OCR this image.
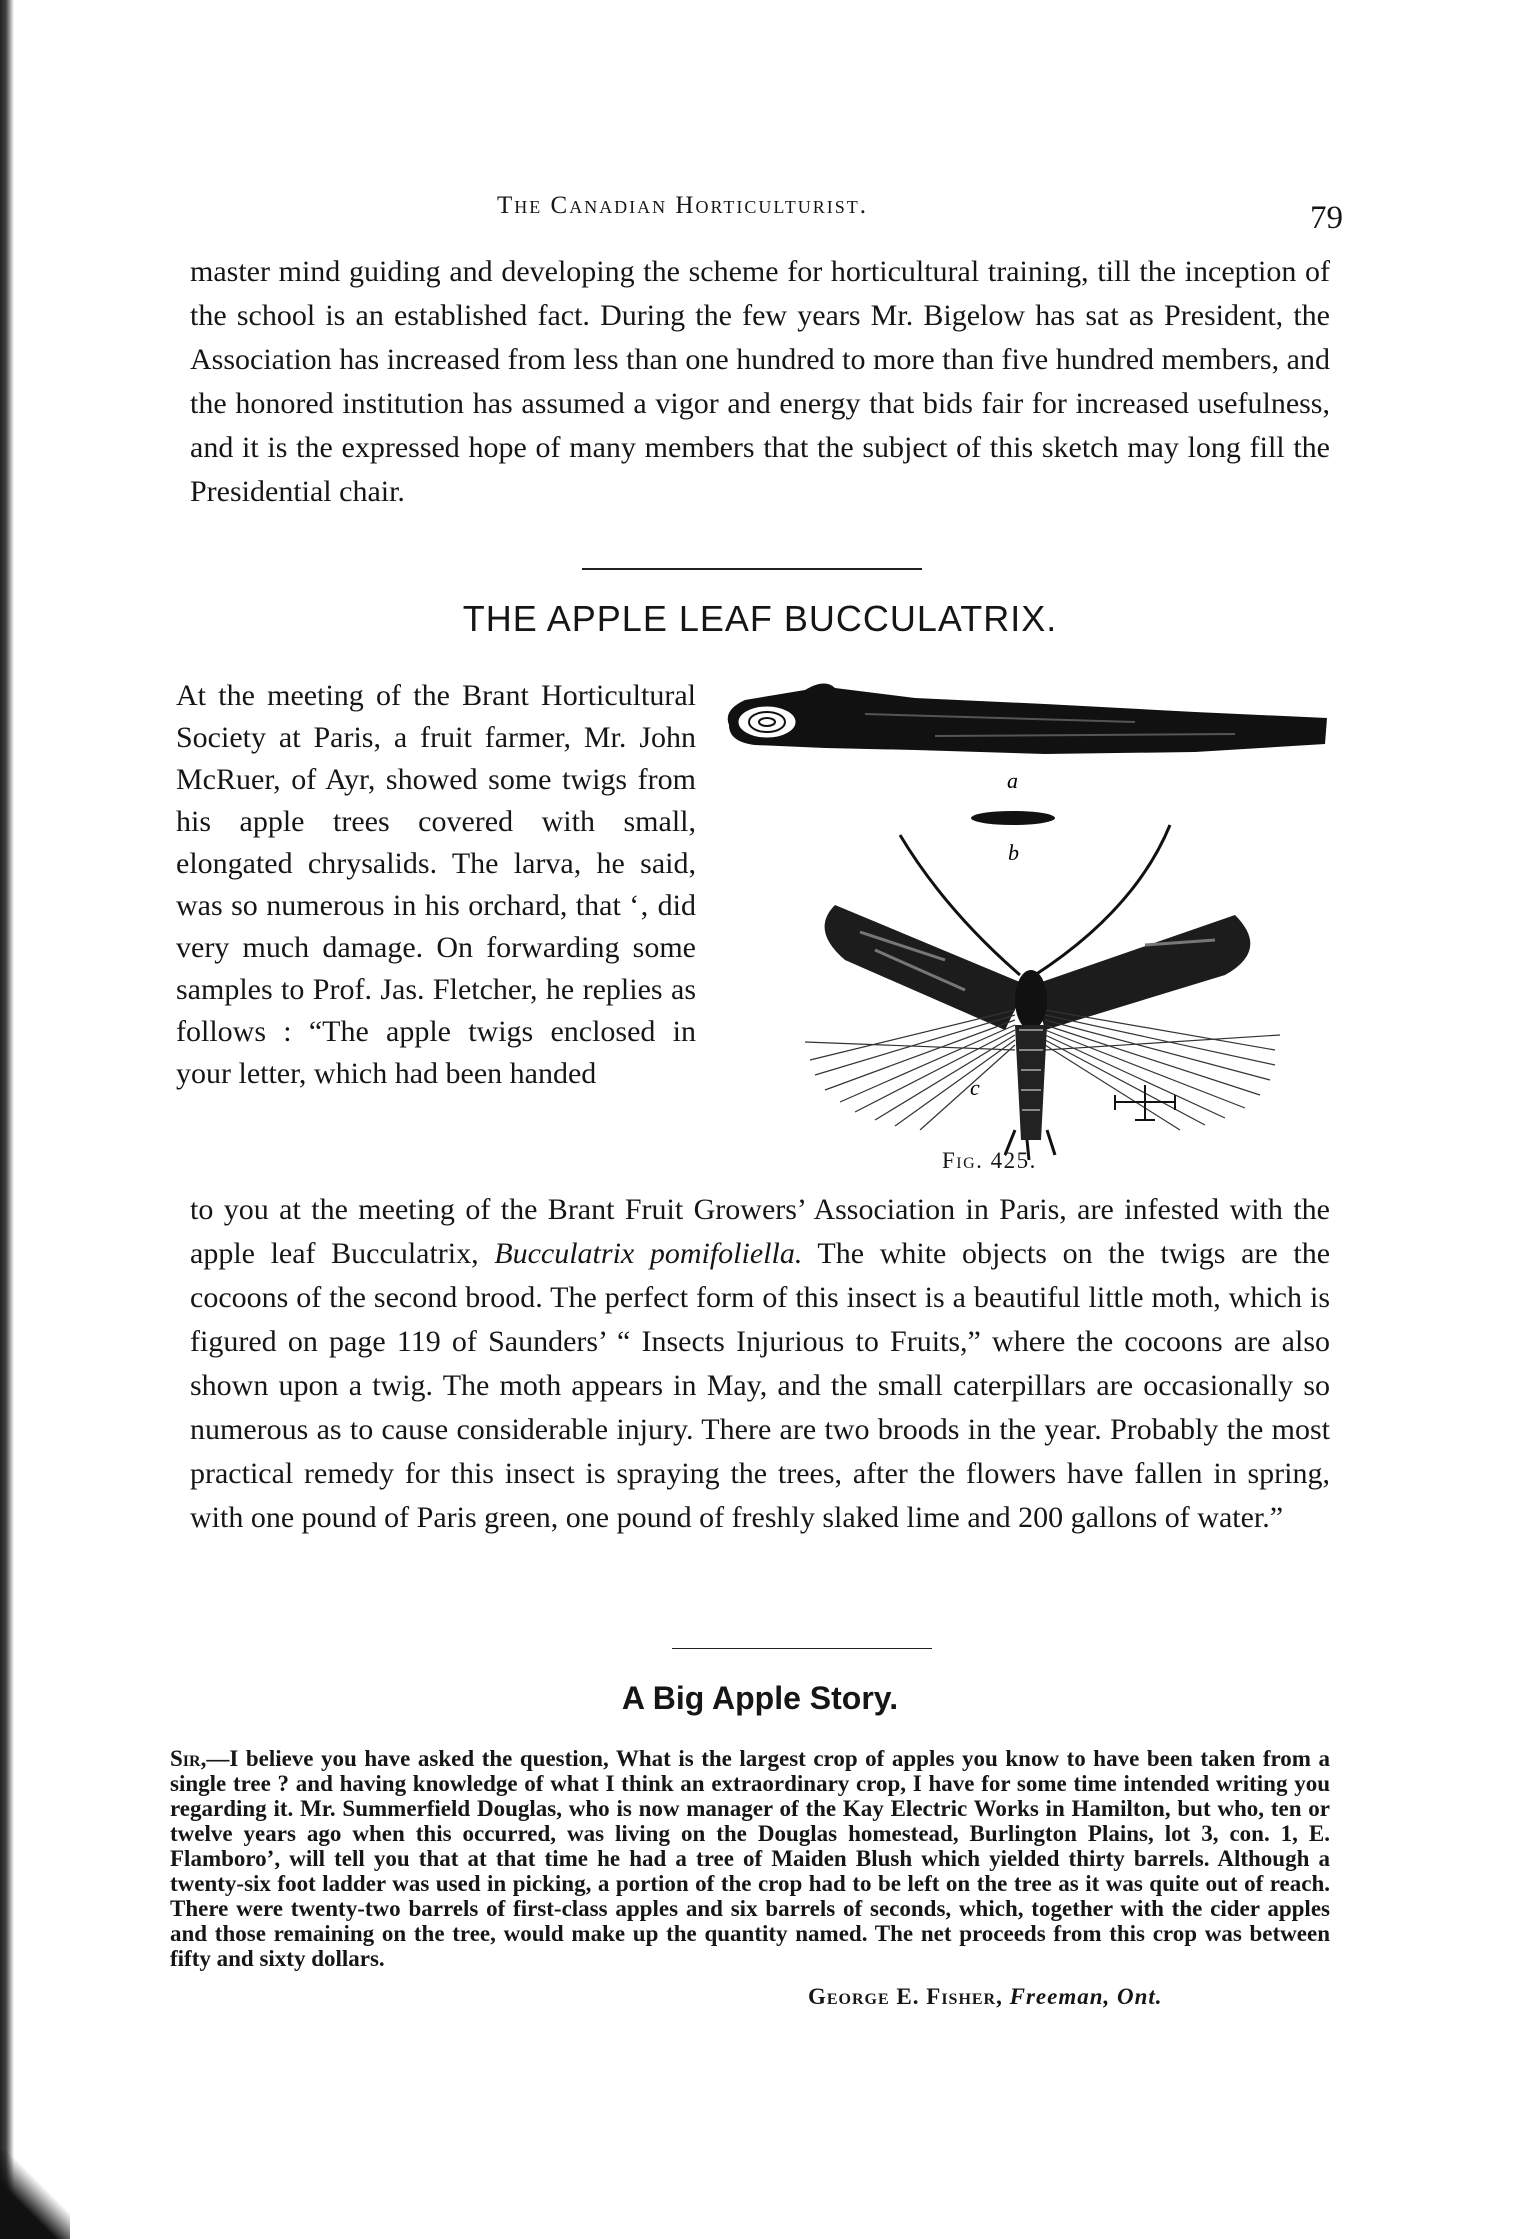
The Canadian Horticulturist.	79
master mind guiding and developing the scheme for horticultural training, till the inception of the school is an established fact. During the few years Mr. Bigelow has sat as President, the Association has increased from less than one hundred to more than five hundred members, and the honored institution has assumed a vigor and energy that bids fair for increased usefulness, and it is the expressed hope of many members that the subject of this sketch may long fill the Presidential chair.
THE APPLE LEAF BUCCULATRIX.
At the meeting of the Brant Horticultural Society at Paris, a fruit farmer, Mr. John McRuer, of Ayr, showed some twigs from his apple trees covered with small, elongated chrysalids. The larva, he said, was so numerous in his orchard, that ‘‚ did very much damage. On forwarding some samples to Prof. Jas. Fletcher, he replies as follows : “The apple twigs enclosed in your letter, which had been handed
a
b
c
Fig. 425.
to you at the meeting of the Brant Fruit Growers’ Association in Paris, are infested with the apple leaf Bucculatrix, Bucculatrix pomifoliella. The white objects on the twigs are the cocoons of the second brood. The perfect form of this insect is a beautiful little moth, which is figured on page 119 of Saunders’ “ Insects Injurious to Fruits,” where the cocoons are also shown upon a twig. The moth appears in May, and the small caterpillars are occasionally so numerous as to cause considerable injury. There are two broods in the year. Probably the most practical remedy for this insect is spraying the trees, after the flowers have fallen in spring, with one pound of Paris green, one pound of freshly slaked lime and 200 gallons of water.”
A Big Apple Story.
Sir,—I believe you have asked the question, What is the largest crop of apples you know to have been taken from a single tree ? and having knowledge of what I think an extraordinary crop, I have for some time intended writing you regarding it. Mr. Summerfield Douglas, who is now manager of the Kay Electric Works in Hamilton, but who, ten or twelve years ago when this occurred, was living on the Douglas homestead, Burlington Plains, lot 3, con. 1, E. Flamboro’, will tell you that at that time he had a tree of Maiden Blush which yielded thirty barrels. Although a twenty-six foot ladder was used in picking, a portion of the crop had to be left on the tree as it was quite out of reach. There were twenty-two barrels of first-class apples and six barrels of seconds, which, together with the cider apples and those remaining on the tree, would make up the quantity named. The net proceeds from this crop was between fifty and sixty dollars.
George E. Fisher, Freeman, Ont.
